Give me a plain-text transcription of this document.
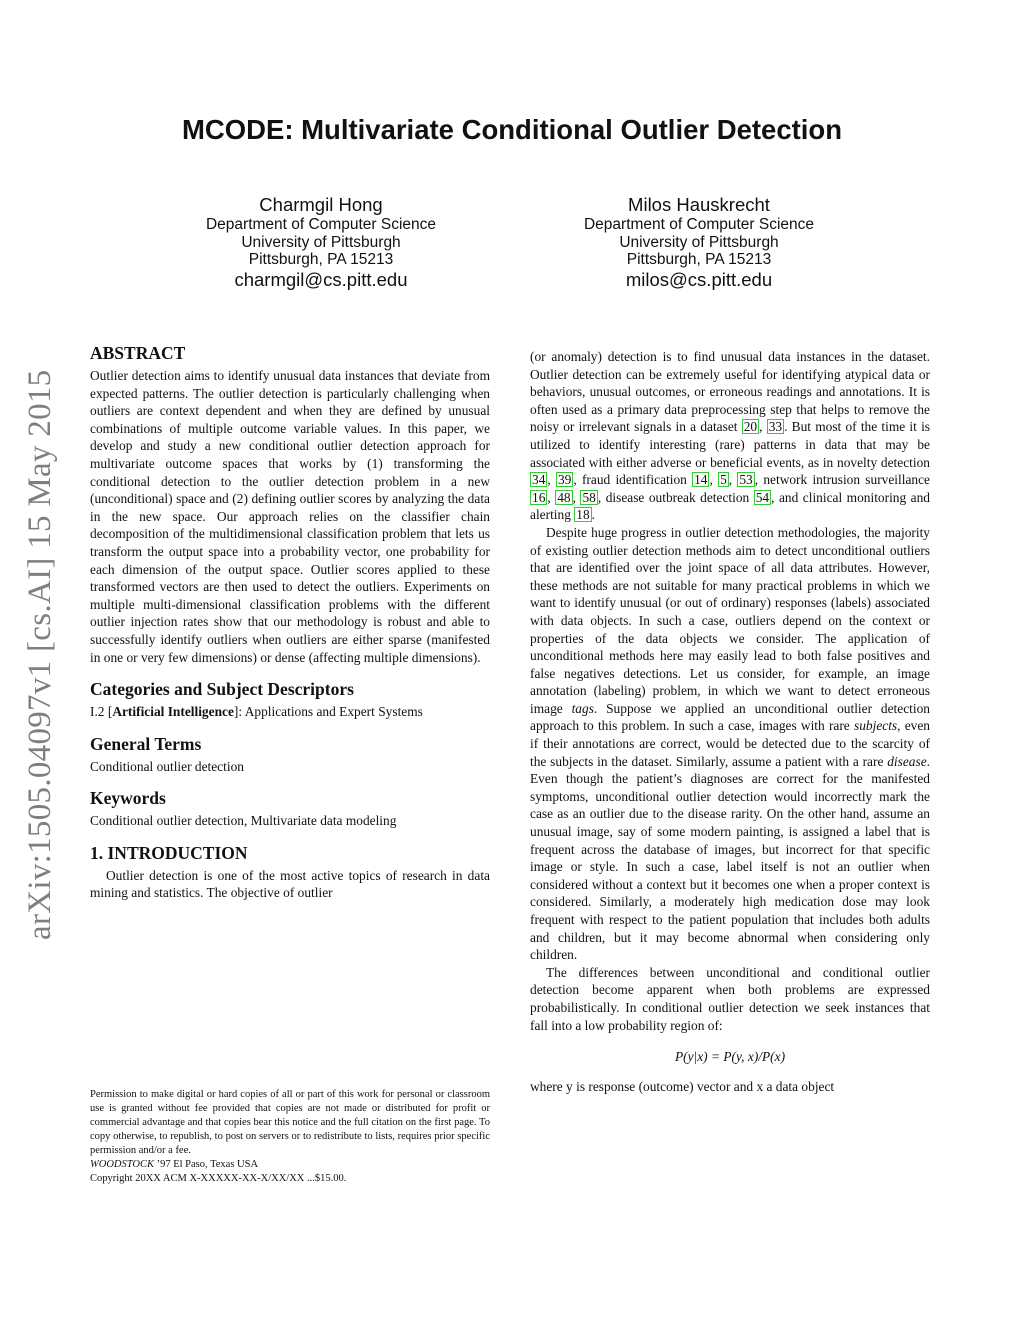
arXiv:1505.04097v1 [cs.AI] 15 May 2015
MCODE: Multivariate Conditional Outlier Detection
Charmgil Hong
Department of Computer Science
University of Pittsburgh
Pittsburgh, PA 15213
charmgil@cs.pitt.edu
Milos Hauskrecht
Department of Computer Science
University of Pittsburgh
Pittsburgh, PA 15213
milos@cs.pitt.edu
ABSTRACT

Outlier detection aims to identify unusual data instances that deviate from expected patterns. The outlier detection is particularly challenging when outliers are context dependent and when they are defined by unusual combinations of multiple outcome variable values. In this paper, we develop and study a new conditional outlier detection approach for multivariate outcome spaces that works by (1) transforming the conditional detection to the outlier detection problem in a new (unconditional) space and (2) defining outlier scores by analyzing the data in the new space. Our approach relies on the classifier chain decomposition of the multidimensional classification problem that lets us transform the output space into a probability vector, one probability for each dimension of the output space. Outlier scores applied to these transformed vectors are then used to detect the outliers. Experiments on multiple multi-dimensional classification problems with the different outlier injection rates show that our methodology is robust and able to successfully identify outliers when outliers are either sparse (manifested in one or very few dimensions) or dense (affecting multiple dimensions).

Categories and Subject Descriptors

I.2 [Artificial Intelligence]: Applications and Expert Systems

General Terms

Conditional outlier detection

Keywords

Conditional outlier detection, Multivariate data modeling

1. INTRODUCTION

Outlier detection is one of the most active topics of research in data mining and statistics. The objective of outlier

Permission to make digital or hard copies of all or part of this work for personal or classroom use is granted without fee provided that copies are not made or distributed for profit or commercial advantage and that copies bear this notice and the full citation on the first page. To copy otherwise, to republish, to post on servers or to redistribute to lists, requires prior specific permission and/or a fee.
WOODSTOCK ’97 El Paso, Texas USA
Copyright 20XX ACM X-XXXXX-XX-X/XX/XX ...$15.00.

(or anomaly) detection is to find unusual data instances in the dataset. Outlier detection can be extremely useful for identifying atypical data or behaviors, unusual outcomes, or erroneous readings and annotations. It is often used as a primary data preprocessing step that helps to remove the noisy or irrelevant signals in a dataset 20 , 33 . But most of the time it is utilized to identify interesting (rare) patterns in data that may be associated with either adverse or beneficial events, as in novelty detection 34 , 39 , fraud identification 14 , 5 , 53 , network intrusion surveillance 16 , 48 , 58 , disease outbreak detection 54 , and clinical monitoring and alerting 18 .

Despite huge progress in outlier detection methodologies, the majority of existing outlier detection methods aim to detect unconditional outliers that are identified over the joint space of all data attributes. However, these methods are not suitable for many practical problems in which we want to identify unusual (or out of ordinary) responses (labels) associated with data objects. In such a case, outliers depend on the context or properties of the data objects we consider. The application of unconditional methods here may easily lead to both false positives and false negatives detections. Let us consider, for example, an image annotation (labeling) problem, in which we want to detect erroneous image tags. Suppose we applied an unconditional outlier detection approach to this problem. In such a case, images with rare subjects, even if their annotations are correct, would be detected due to the scarcity of the subjects in the dataset. Similarly, assume a patient with a rare disease. Even though the patient’s diagnoses are correct for the manifested symptoms, unconditional outlier detection would incorrectly mark the case as an outlier due to the disease rarity. On the other hand, assume an unusual image, say of some modern painting, is assigned a label that is frequent across the database of images, but incorrect for that specific image or style. In such a case, label itself is not an outlier when considered without a context but it becomes one when a proper context is considered. Similarly, a moderately high medication dose may look frequent with respect to the patient population that includes both adults and children, but it may become abnormal when considering only children.

The differences between unconditional and conditional outlier detection become apparent when both problems are expressed probabilistically. In conditional outlier detection we seek instances that fall into a low probability region of:

P(y|x) = P(y, x)/P(x)

where y is response (outcome) vector and x a data object
